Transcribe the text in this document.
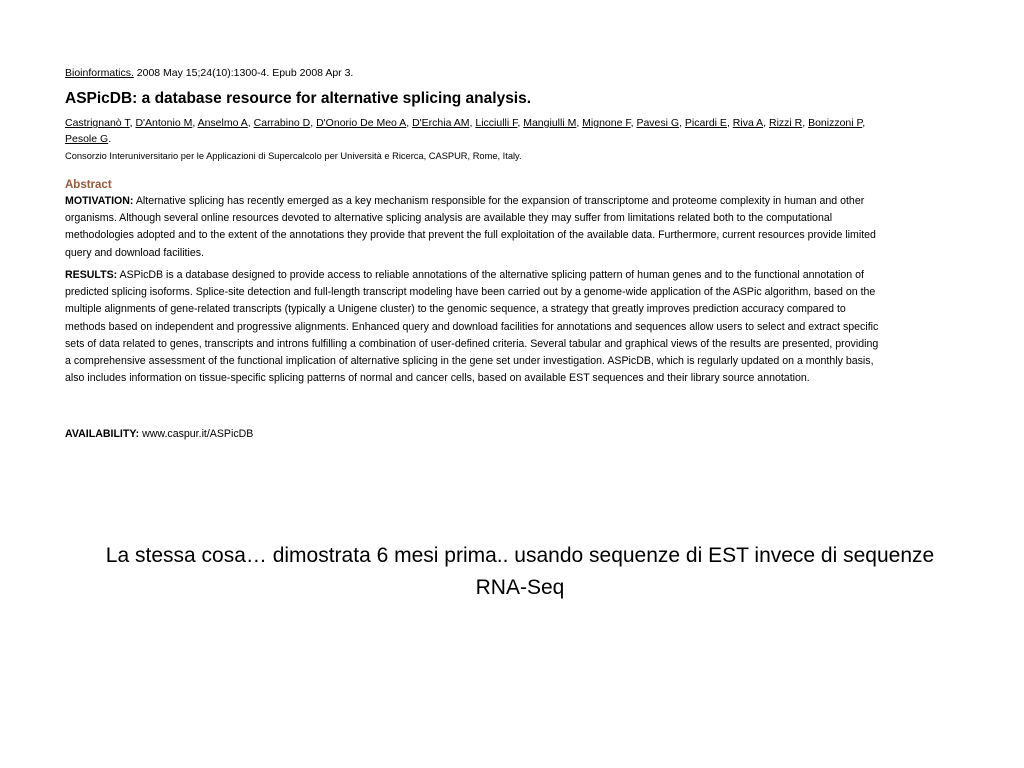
Bioinformatics. 2008 May 15;24(10):1300-4. Epub 2008 Apr 3.
ASPicDB: a database resource for alternative splicing analysis.
Castrignanò T, D'Antonio M, Anselmo A, Carrabino D, D'Onorio De Meo A, D'Erchia AM, Licciulli F, Mangiulli M, Mignone F, Pavesi G, Picardi E, Riva A, Rizzi R, Bonizzoni P, Pesole G.
Consorzio Interuniversitario per le Applicazioni di Supercalcolo per Università e Ricerca, CASPUR, Rome, Italy.
Abstract
MOTIVATION: Alternative splicing has recently emerged as a key mechanism responsible for the expansion of transcriptome and proteome complexity in human and other organisms. Although several online resources devoted to alternative splicing analysis are available they may suffer from limitations related both to the computational methodologies adopted and to the extent of the annotations they provide that prevent the full exploitation of the available data. Furthermore, current resources provide limited query and download facilities.
RESULTS: ASPicDB is a database designed to provide access to reliable annotations of the alternative splicing pattern of human genes and to the functional annotation of predicted splicing isoforms. Splice-site detection and full-length transcript modeling have been carried out by a genome-wide application of the ASPic algorithm, based on the multiple alignments of gene-related transcripts (typically a Unigene cluster) to the genomic sequence, a strategy that greatly improves prediction accuracy compared to methods based on independent and progressive alignments. Enhanced query and download facilities for annotations and sequences allow users to select and extract specific sets of data related to genes, transcripts and introns fulfilling a combination of user-defined criteria. Several tabular and graphical views of the results are presented, providing a comprehensive assessment of the functional implication of alternative splicing in the gene set under investigation. ASPicDB, which is regularly updated on a monthly basis, also includes information on tissue-specific splicing patterns of normal and cancer cells, based on available EST sequences and their library source annotation.
AVAILABILITY: www.caspur.it/ASPicDB
La stessa cosa… dimostrata 6 mesi prima.. usando sequenze di EST invece di sequenze RNA-Seq
